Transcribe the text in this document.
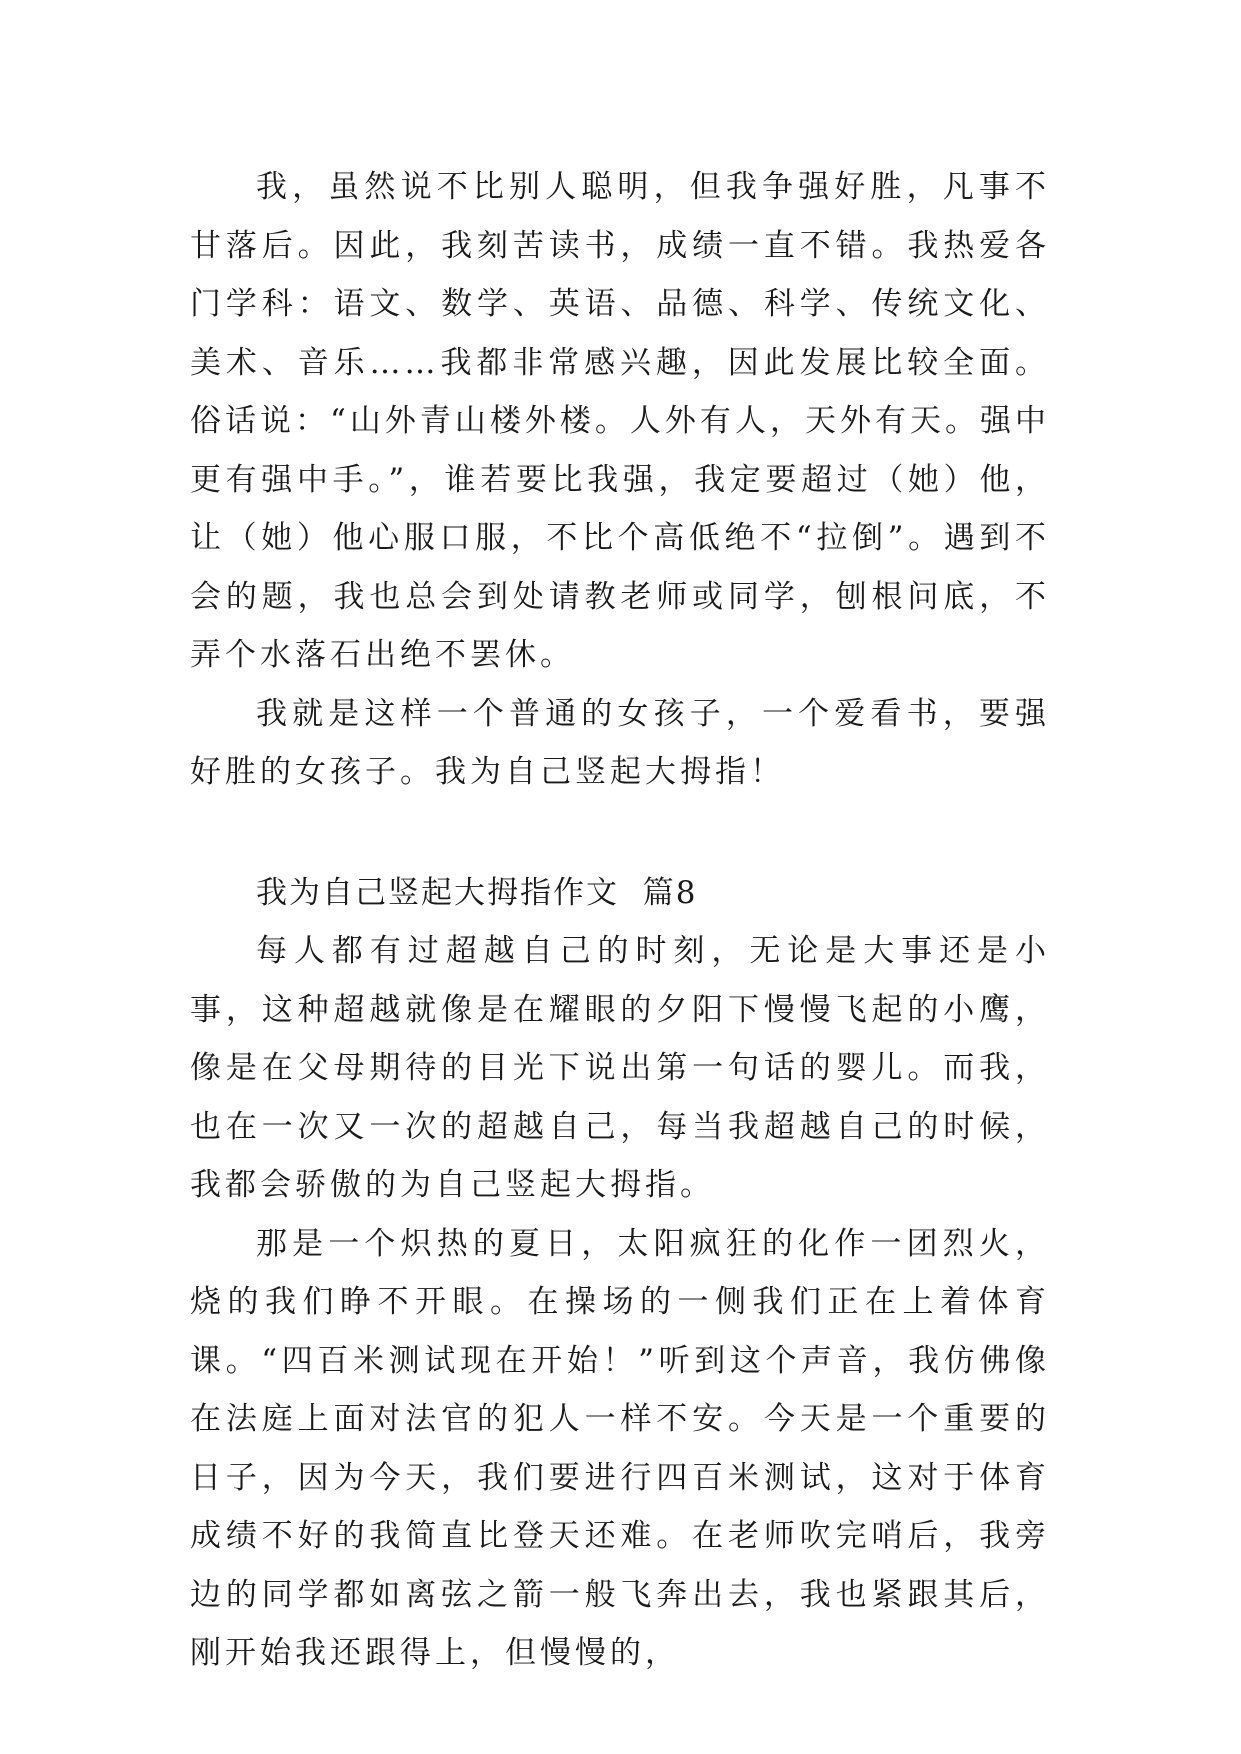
我，虽然说不比别人聪明，但我争强好胜，凡事不甘落后。因此，我刻苦读书，成绩一直不错。我热爱各门学科：语文、数学、英语、品德、科学、传统文化、美术、音乐……我都非常感兴趣，因此发展比较全面。俗话说：“山外青山楼外楼。人外有人，天外有天。强中更有强中手。”，谁若要比我强，我定要超过（她）他，让（她）他心服口服，不比个高低绝不“拉倒”。遇到不会的题，我也总会到处请教老师或同学，刨根问底，不弄个水落石出绝不罢休。

我就是这样一个普通的女孩子，一个爱看书，要强好胜的女孩子。我为自己竖起大拇指！

我为自己竖起大拇指作文  篇8

每人都有过超越自己的时刻，无论是大事还是小事，这种超越就像是在耀眼的夕阳下慢慢飞起的小鹰，像是在父母期待的目光下说出第一句话的婴儿。而我，也在一次又一次的超越自己，每当我超越自己的时候，我都会骄傲的为自己竖起大拇指。

那是一个炽热的夏日，太阳疯狂的化作一团烈火，烧的我们睁不开眼。在操场的一侧我们正在上着体育课。“四百米测试现在开始！”听到这个声音，我仿佛像在法庭上面对法官的犯人一样不安。今天是一个重要的日子，因为今天，我们要进行四百米测试，这对于体育成绩不好的我简直比登天还难。在老师吹完哨后，我旁边的同学都如离弦之箭一般飞奔出去，我也紧跟其后，刚开始我还跟得上，但慢慢的，
